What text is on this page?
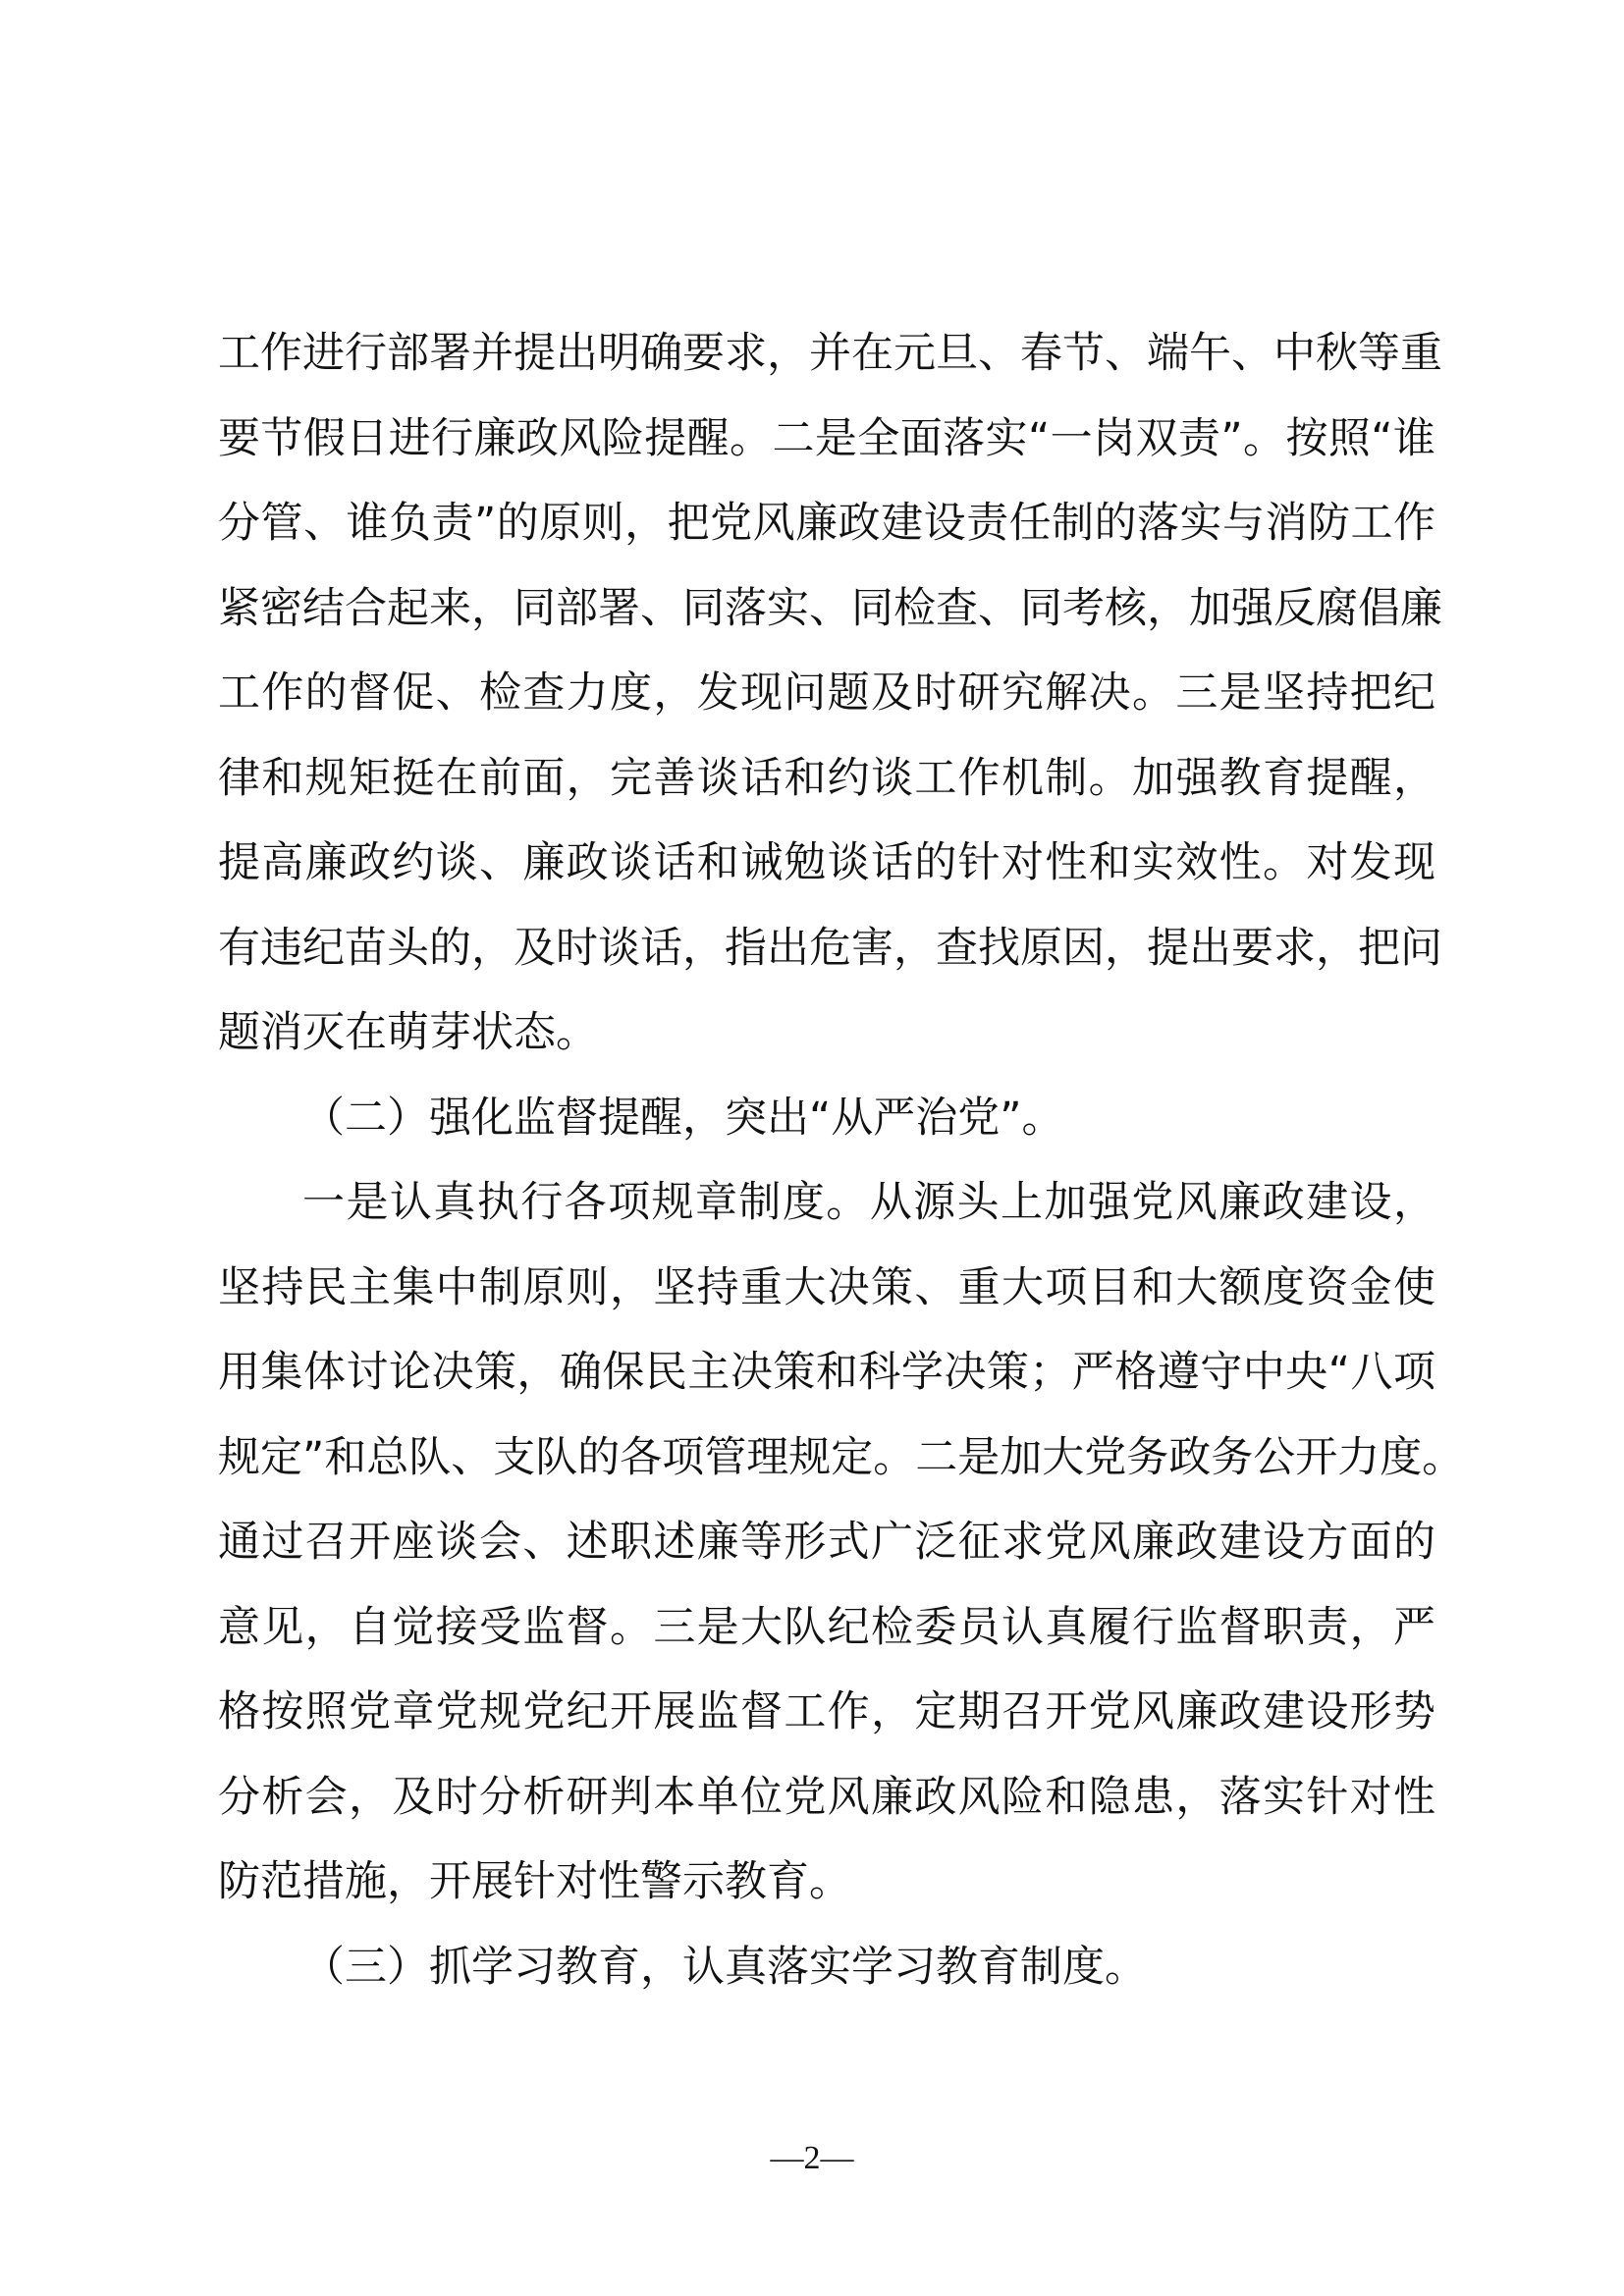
工作进行部署并提出明确要求，并在元旦、春节、端午、中秋等重
要节假日进行廉政风险提醒。二是全面落实“一岗双责”。按照“谁
分管、谁负责”的原则，把党风廉政建设责任制的落实与消防工作
紧密结合起来，同部署、同落实、同检查、同考核，加强反腐倡廉
工作的督促、检查力度，发现问题及时研究解决。三是坚持把纪
律和规矩挺在前面，完善谈话和约谈工作机制。加强教育提醒，
提高廉政约谈、廉政谈话和诫勉谈话的针对性和实效性。对发现
有违纪苗头的，及时谈话，指出危害，查找原因，提出要求，把问
题消灭在萌芽状态。
（二）强化监督提醒，突出“从严治党”。
一是认真执行各项规章制度。从源头上加强党风廉政建设，
坚持民主集中制原则，坚持重大决策、重大项目和大额度资金使
用集体讨论决策，确保民主决策和科学决策；严格遵守中央“八项
规定”和总队、支队的各项管理规定。二是加大党务政务公开力度。
通过召开座谈会、述职述廉等形式广泛征求党风廉政建设方面的
意见，自觉接受监督。三是大队纪检委员认真履行监督职责，严
格按照党章党规党纪开展监督工作，定期召开党风廉政建设形势
分析会，及时分析研判本单位党风廉政风险和隐患，落实针对性
防范措施，开展针对性警示教育。
（三）抓学习教育，认真落实学习教育制度。
—2—
